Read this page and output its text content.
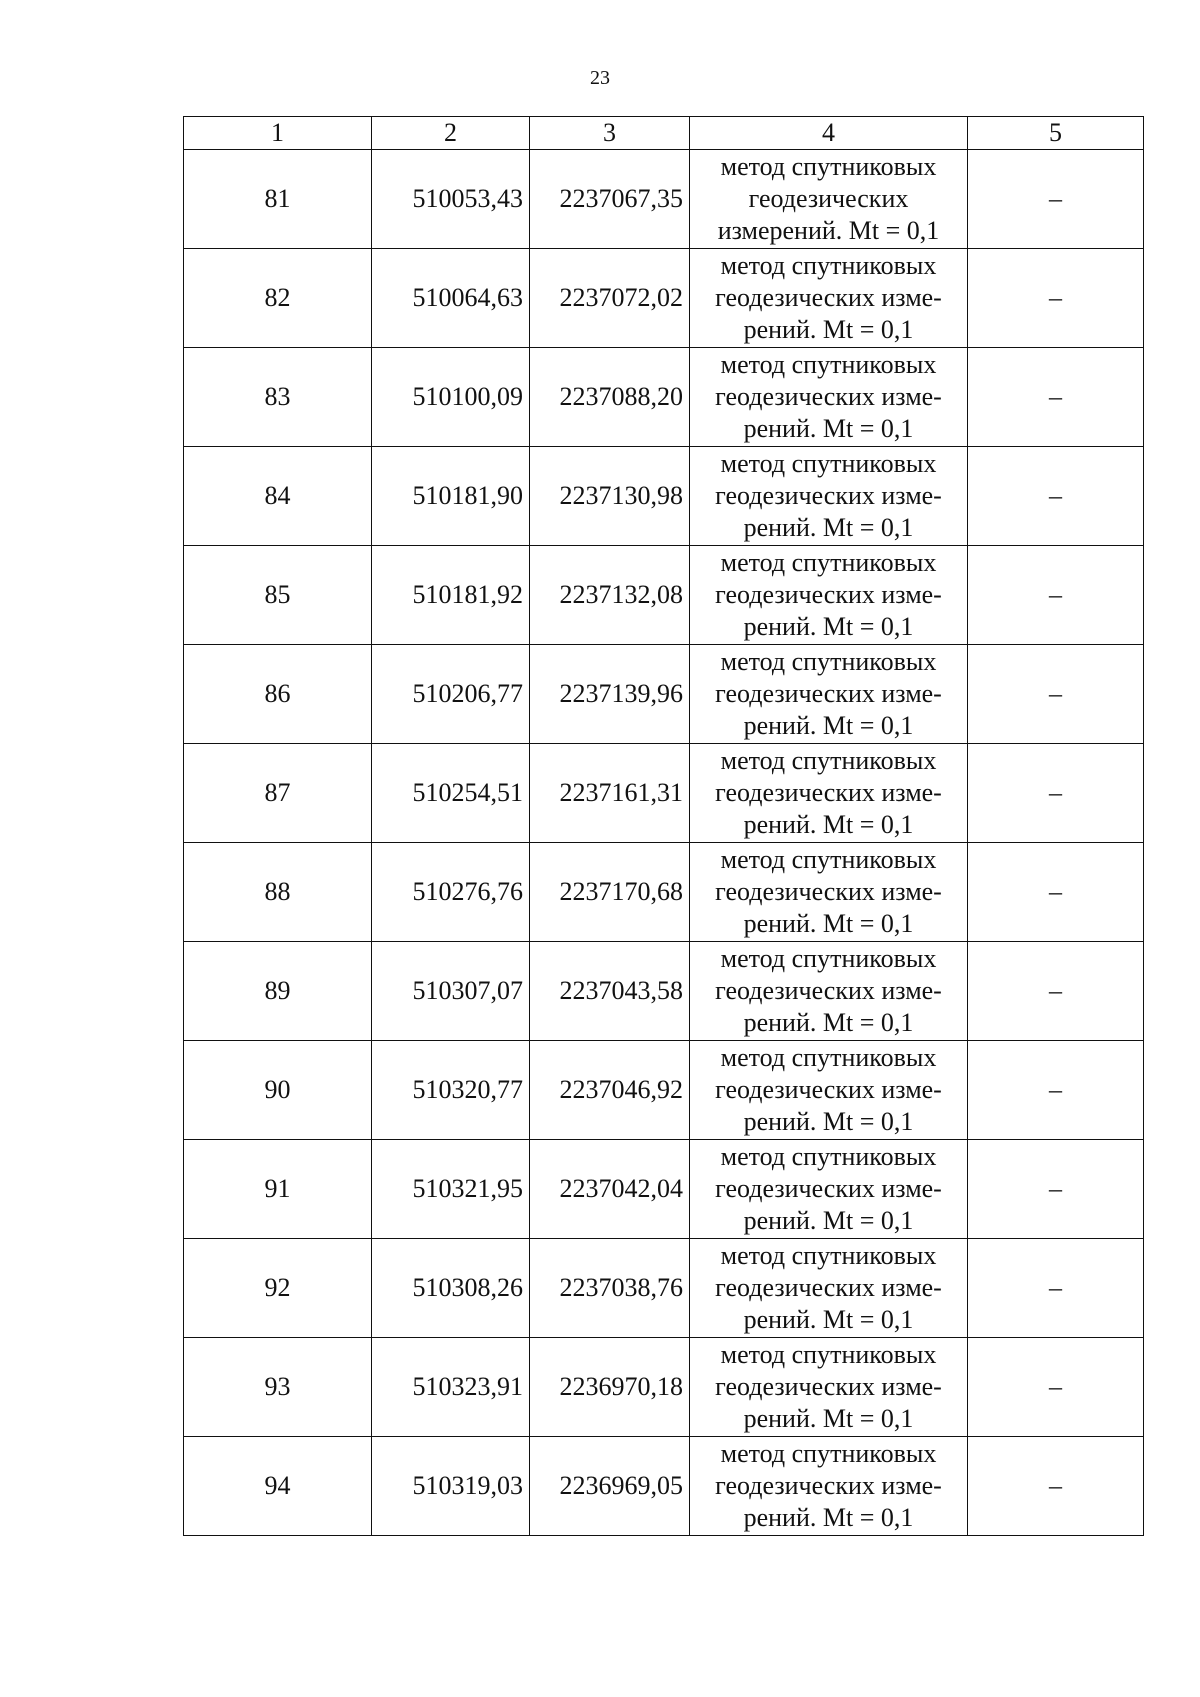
23
1	2	3	4	5
81	510053,43	2237067,35	метод спутниковых
геодезических
измерений. Mt = 0,1	–
82	510064,63	2237072,02	метод спутниковых
геодезических изме-
рений. Mt = 0,1	–
83	510100,09	2237088,20	метод спутниковых
геодезических изме-
рений. Mt = 0,1	–
84	510181,90	2237130,98	метод спутниковых
геодезических изме-
рений. Mt = 0,1	–
85	510181,92	2237132,08	метод спутниковых
геодезических изме-
рений. Mt = 0,1	–
86	510206,77	2237139,96	метод спутниковых
геодезических изме-
рений. Mt = 0,1	–
87	510254,51	2237161,31	метод спутниковых
геодезических изме-
рений. Mt = 0,1	–
88	510276,76	2237170,68	метод спутниковых
геодезических изме-
рений. Mt = 0,1	–
89	510307,07	2237043,58	метод спутниковых
геодезических изме-
рений. Mt = 0,1	–
90	510320,77	2237046,92	метод спутниковых
геодезических изме-
рений. Mt = 0,1	–
91	510321,95	2237042,04	метод спутниковых
геодезических изме-
рений. Mt = 0,1	–
92	510308,26	2237038,76	метод спутниковых
геодезических изме-
рений. Mt = 0,1	–
93	510323,91	2236970,18	метод спутниковых
геодезических изме-
рений. Mt = 0,1	–
94	510319,03	2236969,05	метод спутниковых
геодезических изме-
рений. Mt = 0,1	–
